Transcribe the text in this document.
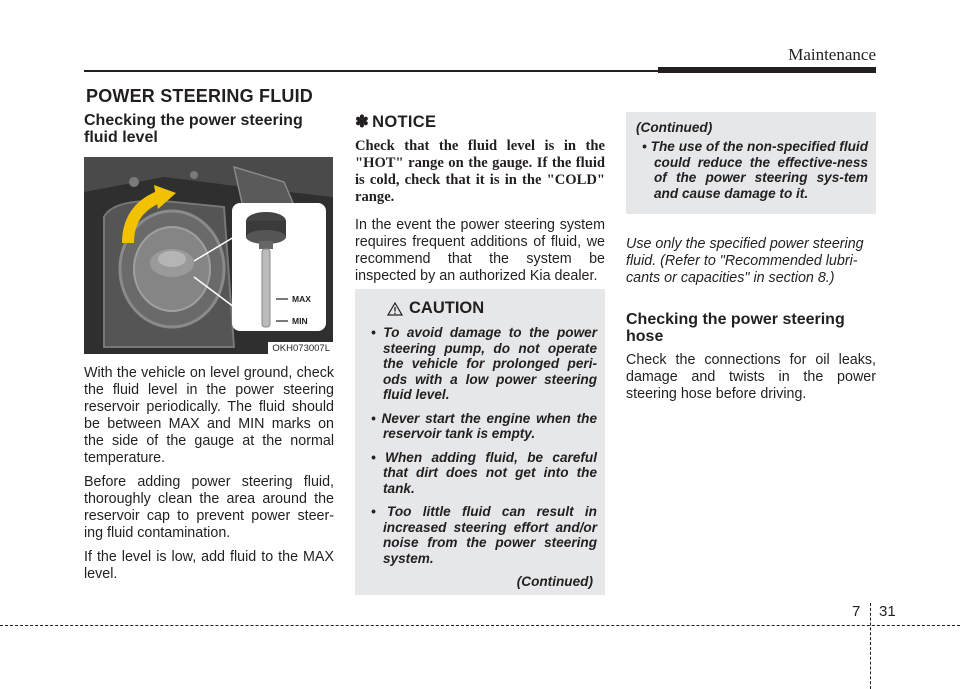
Maintenance
POWER STEERING FLUID
Checking the power steering fluid level
MAX
MIN
OKH073007L

With the vehicle on level ground, check the fluid level in the power steering reservoir periodically. The fluid should be between MAX and MIN marks on the side of the gauge at the normal temperature.

Before adding power steering fluid, thoroughly clean the area around the reservoir cap to prevent power steer-ing fluid contamination.

If the level is low, add fluid to the MAX level.

✽ NOTICE

Check that the fluid level is in the "HOT" range on the gauge. If the fluid is cold, check that it is in the "COLD" range.

In the event the power steering system requires frequent additions of fluid, we recommend that the system be inspected by an authorized Kia dealer.

CAUTION
• To avoid damage to the power steering pump, do not operate the vehicle for prolonged peri-ods with a low power steering fluid level.
• Never start the engine when the reservoir tank is empty.
• When adding fluid, be careful that dirt does not get into the tank.
• Too little fluid can result in increased steering effort and/or noise from the power steering system.
(Continued)
(Continued)
• The use of the non-specified fluid could reduce the effective-ness of the power steering sys-tem and cause damage to it.

Use only the specified power steering fluid. (Refer to "Recommended lubri-cants or capacities" in section 8.)

Checking the power steering hose

Check the connections for oil leaks, damage and twists in the power steering hose before driving.

7 31
